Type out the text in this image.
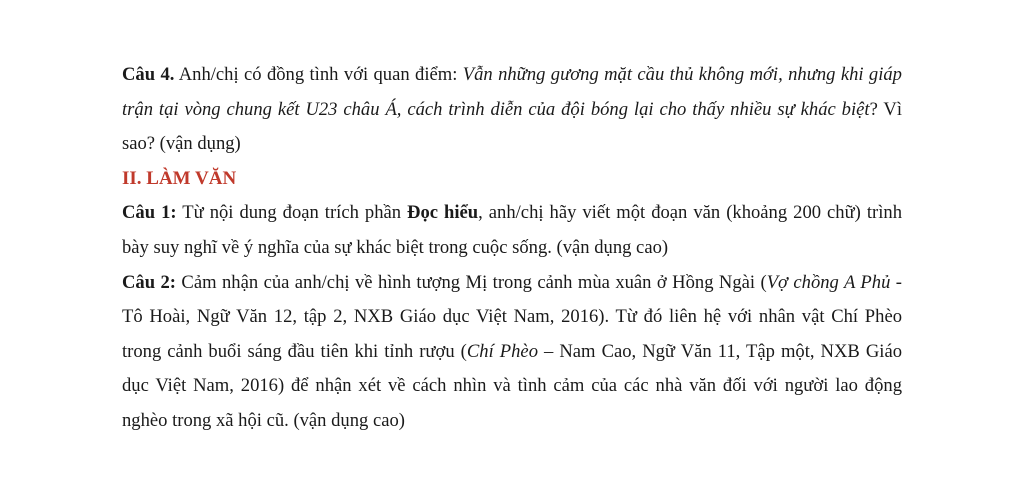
Câu 4. Anh/chị có đồng tình với quan điểm: Vẫn những gương mặt cầu thủ không mới, nhưng khi giáp trận tại vòng chung kết U23 châu Á, cách trình diễn của đội bóng lại cho thấy nhiều sự khác biệt? Vì sao? (vận dụng)

II. LÀM VĂN

Câu 1: Từ nội dung đoạn trích phần Đọc hiểu, anh/chị hãy viết một đoạn văn (khoảng 200 chữ) trình bày suy nghĩ về ý nghĩa của sự khác biệt trong cuộc sống. (vận dụng cao)

Câu 2: Cảm nhận của anh/chị về hình tượng Mị trong cảnh mùa xuân ở Hồng Ngài (Vợ chồng A Phủ - Tô Hoài, Ngữ Văn 12, tập 2, NXB Giáo dục Việt Nam, 2016). Từ đó liên hệ với nhân vật Chí Phèo trong cảnh buổi sáng đầu tiên khi tỉnh rượu (Chí Phèo – Nam Cao, Ngữ Văn 11, Tập một, NXB Giáo dục Việt Nam, 2016) để nhận xét về cách nhìn và tình cảm của các nhà văn đối với người lao động nghèo trong xã hội cũ. (vận dụng cao)
